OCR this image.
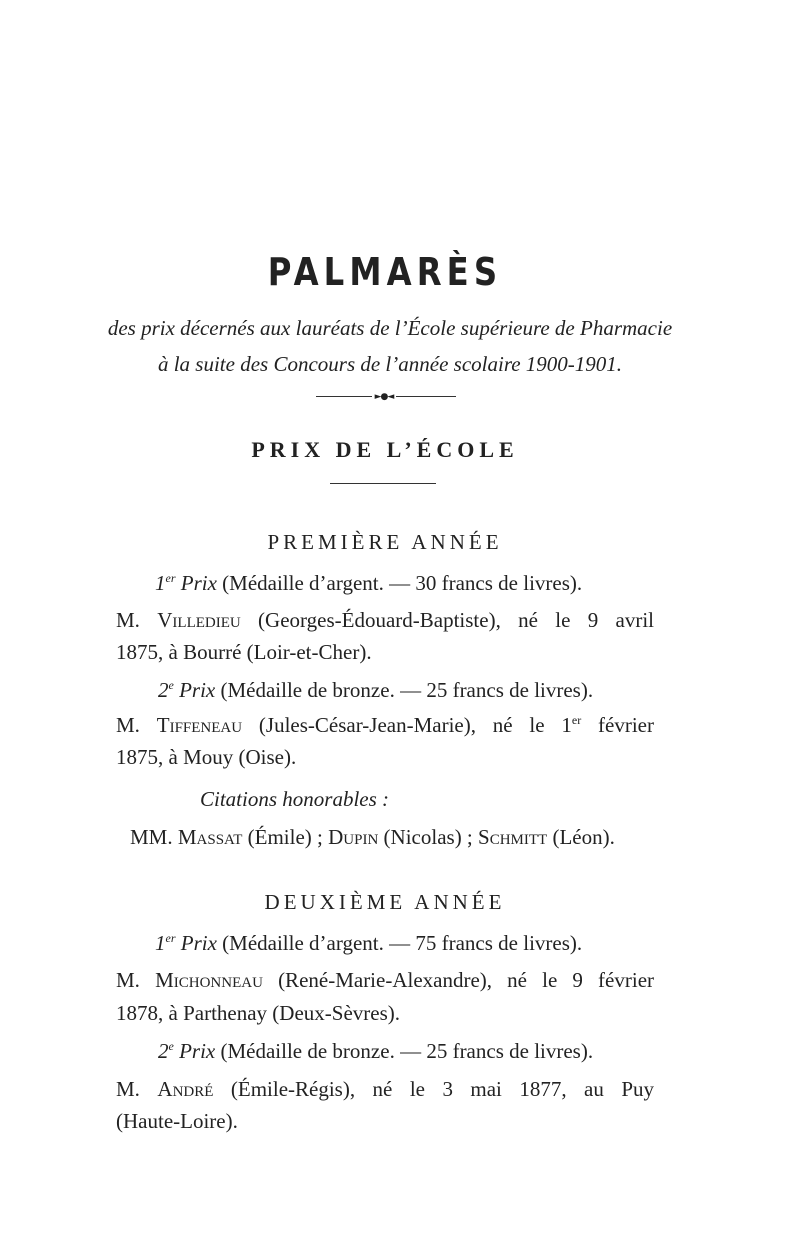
PALMARÈS
des prix décernés aux lauréats de l’École supérieure de Pharmacie
à la suite des Concours de l’année scolaire 1900-1901.
►●◄
PRIX DE L’ÉCOLE
PREMIÈRE ANNÉE
1er Prix (Médaille d’argent. — 30 francs de livres).
M. Villedieu (Georges-Édouard-Baptiste), né le 9 avril
1875, à Bourré (Loir-et-Cher).
2e Prix (Médaille de bronze. — 25 francs de livres).
M. Tiffeneau (Jules-César-Jean-Marie), né le 1er février
1875, à Mouy (Oise).
Citations honorables :
MM. Massat (Émile) ; Dupin (Nicolas) ; Schmitt (Léon).
DEUXIÈME ANNÉE
1er Prix (Médaille d’argent. — 75 francs de livres).
M. Michonneau (René-Marie-Alexandre), né le 9 février
1878, à Parthenay (Deux-Sèvres).
2e Prix (Médaille de bronze. — 25 francs de livres).
M. André (Émile-Régis), né le 3 mai 1877, au Puy
(Haute-Loire).
